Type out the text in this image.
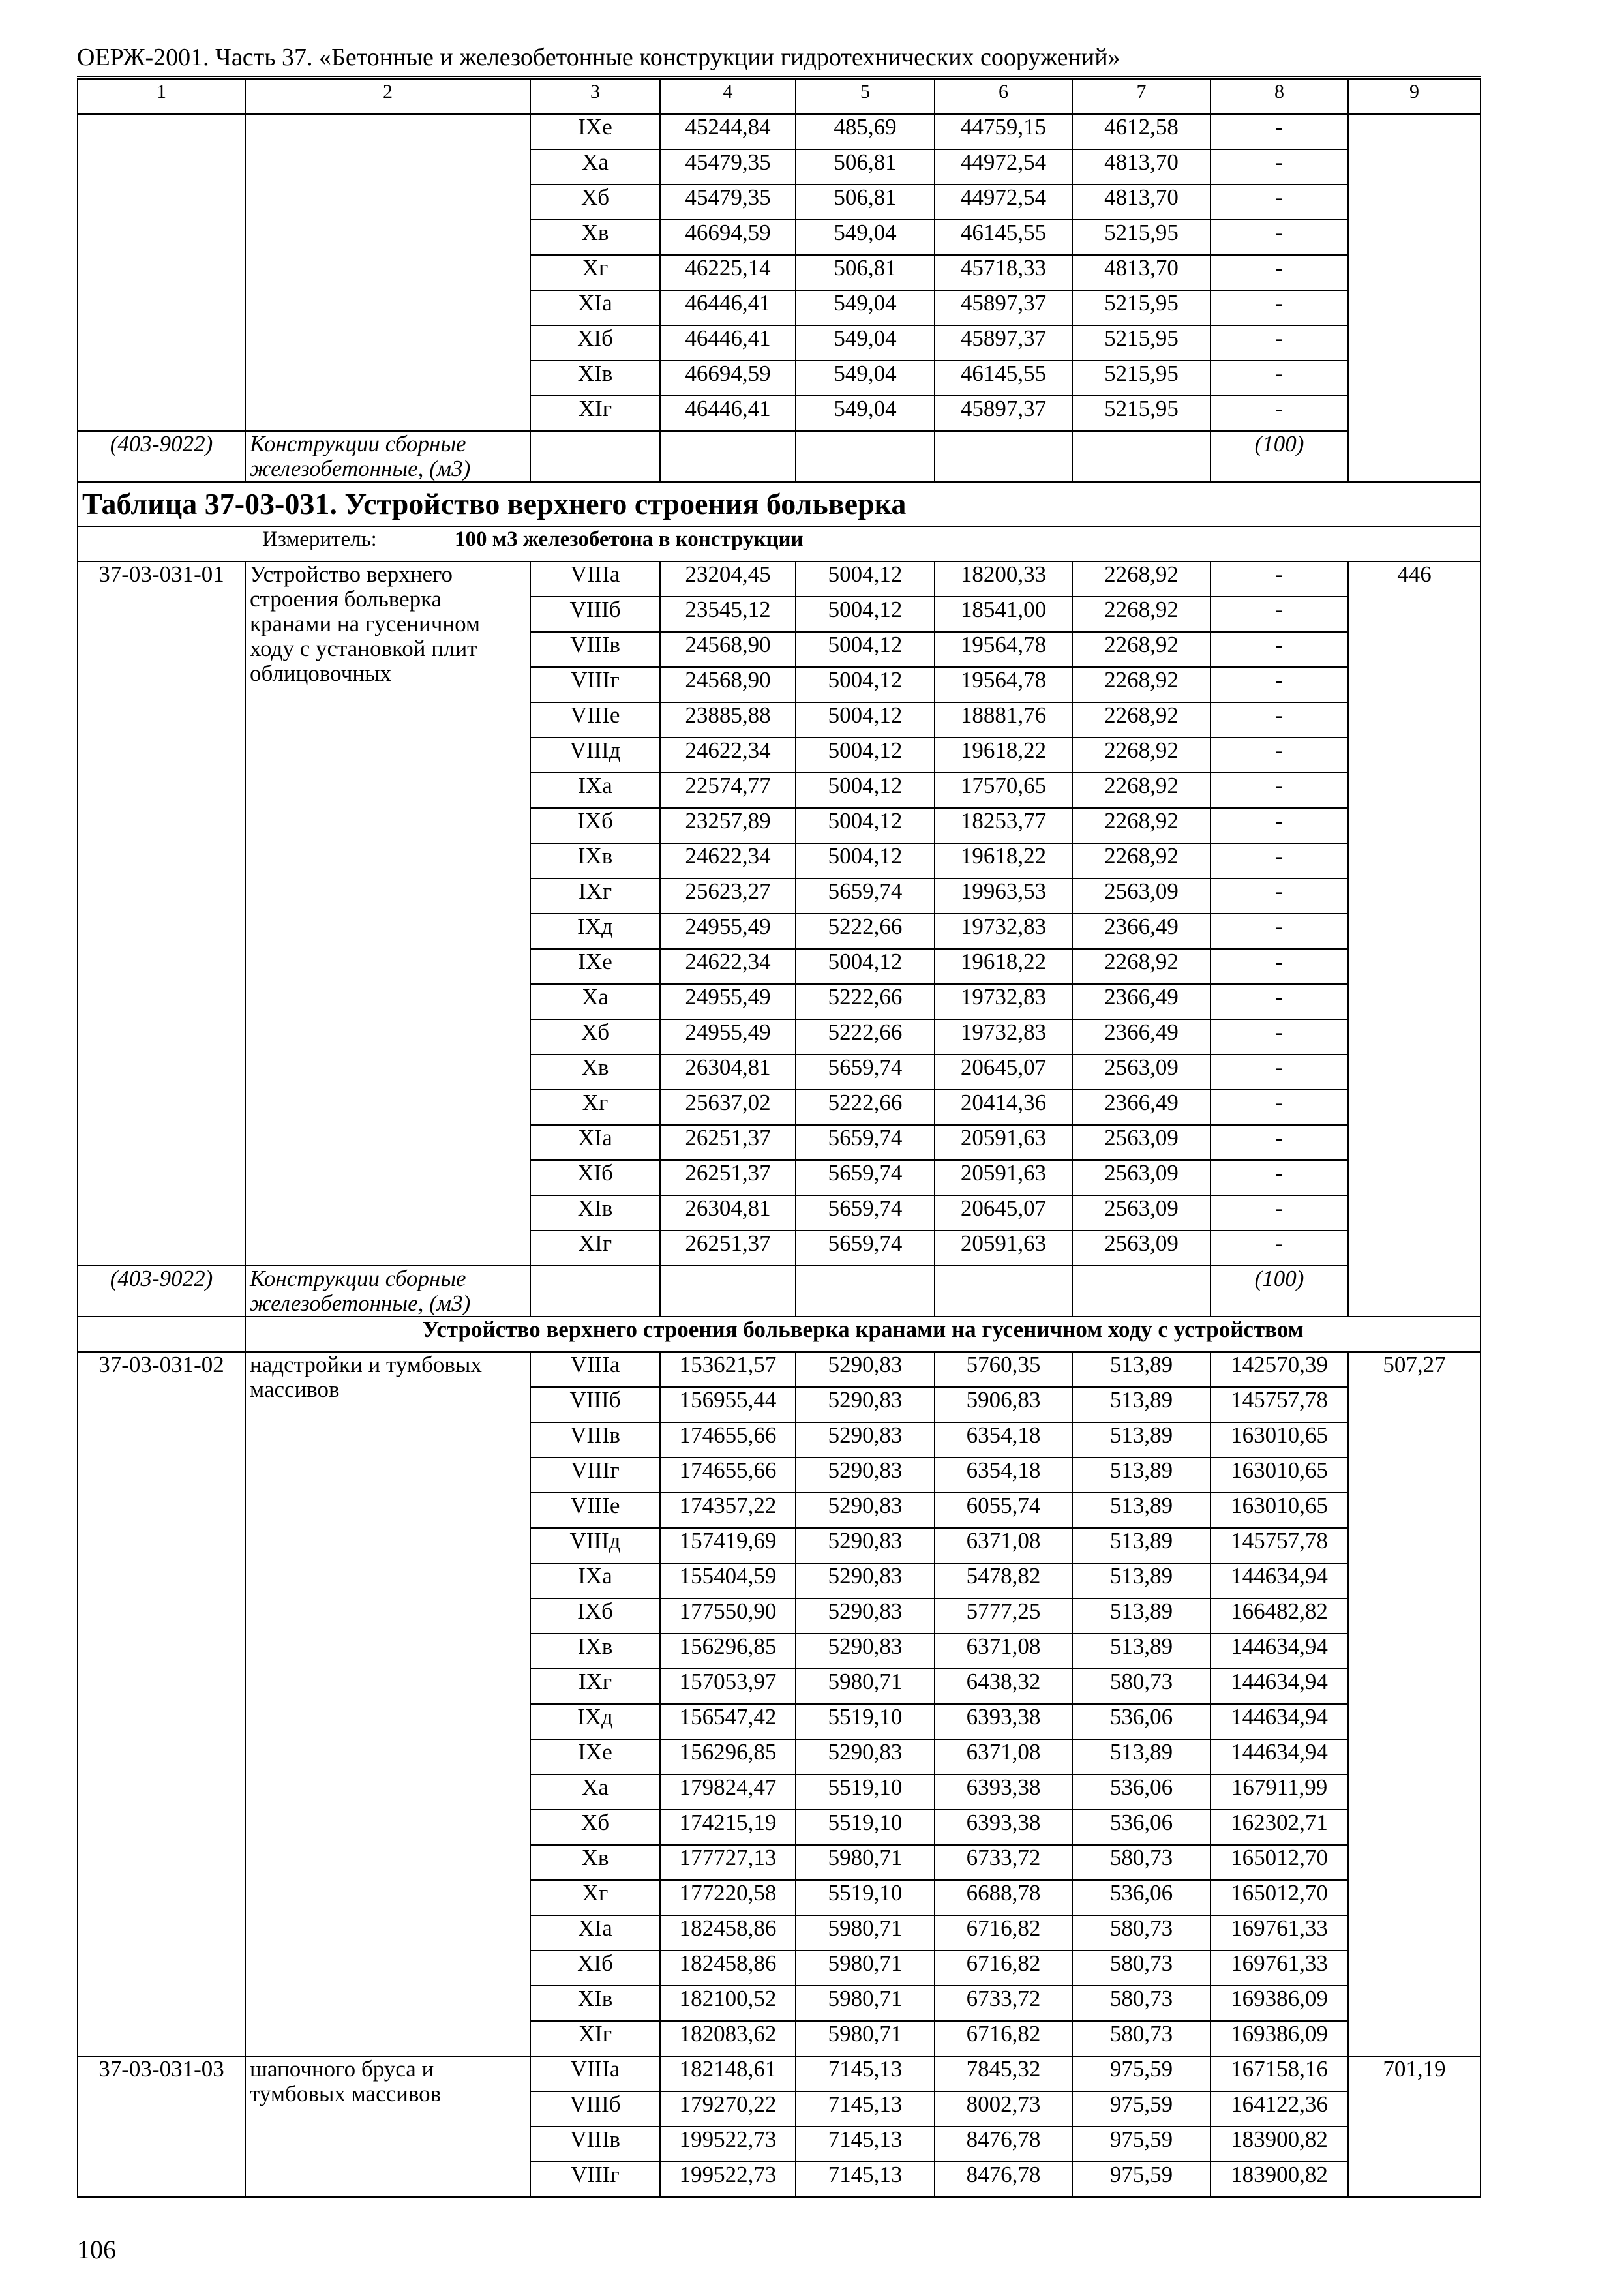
ОЕРЖ-2001. Часть 37. «Бетонные и железобетонные конструкции гидротехнических сооружений»
1	2	3	4	5	6	7	8	9
		IXe	45244,84	485,69	44759,15	4612,58	-	
		Xa	45479,35	506,81	44972,54	4813,70	-	
		Xб	45479,35	506,81	44972,54	4813,70	-	
		Xв	46694,59	549,04	46145,55	5215,95	-	
		Xг	46225,14	506,81	45718,33	4813,70	-	
		XIa	46446,41	549,04	45897,37	5215,95	-	
		XIб	46446,41	549,04	45897,37	5215,95	-	
		XIв	46694,59	549,04	46145,55	5215,95	-	
		XIг	46446,41	549,04	45897,37	5215,95	-	
(403-9022)	Конструкции сборные железобетонные, (м3)						(100)	
Таблица 37-03-031. Устройство верхнего строения больверка								
Измеритель: 100 м3 железобетона в конструкции								
37-03-031-01	Устройство верхнего строения больверка кранами на гусеничном ходу с установкой плит облицовочных	VIIIa	23204,45	5004,12	18200,33	2268,92	-	446
		VIIIб	23545,12	5004,12	18541,00	2268,92	-	
		VIIIв	24568,90	5004,12	19564,78	2268,92	-	
		VIIIг	24568,90	5004,12	19564,78	2268,92	-	
		VIIIe	23885,88	5004,12	18881,76	2268,92	-	
		VIIIд	24622,34	5004,12	19618,22	2268,92	-	
		IXa	22574,77	5004,12	17570,65	2268,92	-	
		IXб	23257,89	5004,12	18253,77	2268,92	-	
		IXв	24622,34	5004,12	19618,22	2268,92	-	
		IXг	25623,27	5659,74	19963,53	2563,09	-	
		IXд	24955,49	5222,66	19732,83	2366,49	-	
		IXe	24622,34	5004,12	19618,22	2268,92	-	
		Xa	24955,49	5222,66	19732,83	2366,49	-	
		Xб	24955,49	5222,66	19732,83	2366,49	-	
		Xв	26304,81	5659,74	20645,07	2563,09	-	
		Xг	25637,02	5222,66	20414,36	2366,49	-	
		XIa	26251,37	5659,74	20591,63	2563,09	-	
		XIб	26251,37	5659,74	20591,63	2563,09	-	
		XIв	26304,81	5659,74	20645,07	2563,09	-	
		XIг	26251,37	5659,74	20591,63	2563,09	-	
(403-9022)	Конструкции сборные железобетонные, (м3)						(100)	
	Устройство верхнего строения больверка кранами на гусеничном ходу с устройством							
37-03-031-02	надстройки и тумбовых массивов	VIIIa	153621,57	5290,83	5760,35	513,89	142570,39	507,27
		VIIIб	156955,44	5290,83	5906,83	513,89	145757,78	
		VIIIв	174655,66	5290,83	6354,18	513,89	163010,65	
		VIIIг	174655,66	5290,83	6354,18	513,89	163010,65	
		VIIIe	174357,22	5290,83	6055,74	513,89	163010,65	
		VIIIд	157419,69	5290,83	6371,08	513,89	145757,78	
		IXa	155404,59	5290,83	5478,82	513,89	144634,94	
		IXб	177550,90	5290,83	5777,25	513,89	166482,82	
		IXв	156296,85	5290,83	6371,08	513,89	144634,94	
		IXг	157053,97	5980,71	6438,32	580,73	144634,94	
		IXд	156547,42	5519,10	6393,38	536,06	144634,94	
		IXe	156296,85	5290,83	6371,08	513,89	144634,94	
		Xa	179824,47	5519,10	6393,38	536,06	167911,99	
		Xб	174215,19	5519,10	6393,38	536,06	162302,71	
		Xв	177727,13	5980,71	6733,72	580,73	165012,70	
		Xг	177220,58	5519,10	6688,78	536,06	165012,70	
		XIa	182458,86	5980,71	6716,82	580,73	169761,33	
		XIб	182458,86	5980,71	6716,82	580,73	169761,33	
		XIв	182100,52	5980,71	6733,72	580,73	169386,09	
		XIг	182083,62	5980,71	6716,82	580,73	169386,09	
37-03-031-03	шапочного бруса и тумбовых массивов	VIIIa	182148,61	7145,13	7845,32	975,59	167158,16	701,19
		VIIIб	179270,22	7145,13	8002,73	975,59	164122,36	
		VIIIв	199522,73	7145,13	8476,78	975,59	183900,82	
		VIIIг	199522,73	7145,13	8476,78	975,59	183900,82	
106
